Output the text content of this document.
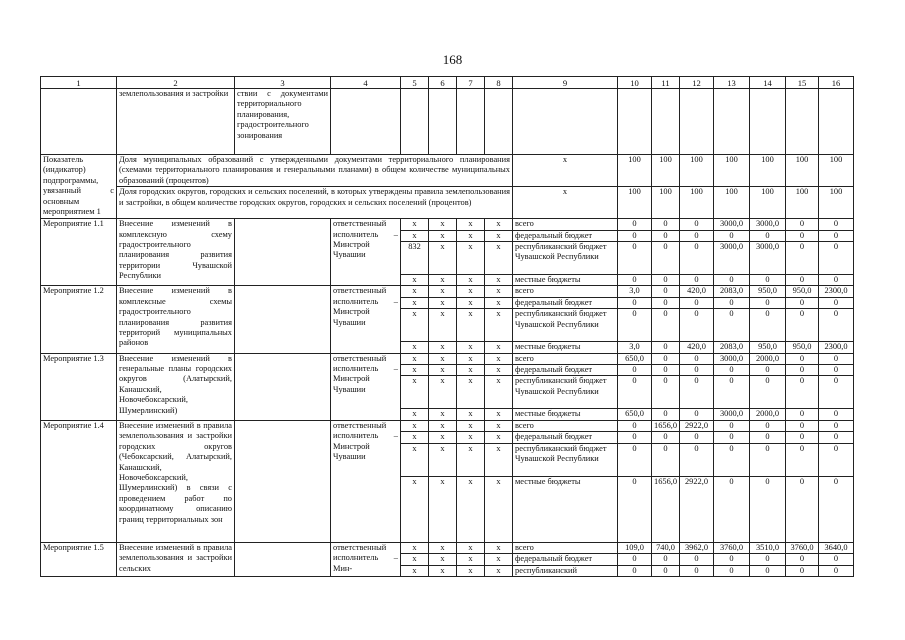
168
1	2	3	4	5	6	7	8	9	10	11	12	13	14	15	16
	землепользования и застройки	ствии с документами территориального планирования, градостроительного зонирования													
Показатель (индикатор) подпрограммы, увязанный с основным мероприятием 1	Доля муниципальных образований с утвержденными документами территориального планирования (схемами территориального планирования и генеральными планами) в общем количестве муниципальных образований (процентов)							х	100	100	100	100	100	100	100
	Доля городских округов, городских и сельских поселений, в которых утверждены правила землепользования и застройки, в общем количестве городских округов, городских и сельских поселений (процентов)							х	100	100	100	100	100	100	100
Мероприятие 1.1	Внесение изменений в комплексную схему градостроительного планирования развития территории Чувашской Республики		ответственный исполнитель – Минстрой Чувашии	х	х	х	х	всего	0	0	0	3000,0	3000,0	0	0
				х	х	х	х	федеральный бюджет	0	0	0	0	0	0	0
				832	х	х	х	республиканский бюджет Чувашской Республики	0	0	0	3000,0	3000,0	0	0
				х	х	х	х	местные бюджеты	0	0	0	0	0	0	0
Мероприятие 1.2	Внесение изменений в комплексные схемы градостроительного планирования развития территорий муниципальных районов		ответственный исполнитель – Минстрой Чувашии	х	х	х	х	всего	3,0	0	420,0	2083,0	950,0	950,0	2300,0
				х	х	х	х	федеральный бюджет	0	0	0	0	0	0	0
				х	х	х	х	республиканский бюджет Чувашской Республики	0	0	0	0	0	0	0
				х	х	х	х	местные бюджеты	3,0	0	420,0	2083,0	950,0	950,0	2300,0
Мероприятие 1.3	Внесение изменений в генеральные планы городских округов (Алатырский, Канашский, Новочебоксарский, Шумерлинский)		ответственный исполнитель – Минстрой Чувашии	х	х	х	х	всего	650,0	0	0	3000,0	2000,0	0	0
				х	х	х	х	федеральный бюджет	0	0	0	0	0	0	0
				х	х	х	х	республиканский бюджет Чувашской Республики	0	0	0	0	0	0	0
				х	х	х	х	местные бюджеты	650,0	0	0	3000,0	2000,0	0	0
Мероприятие 1.4	Внесение изменений в правила землепользования и застройки городских округов (Чебоксарский, Алатырский, Канашский, Новочебоксарский, Шумерлинский) в связи с проведением работ по координатному описанию границ территориальных зон		ответственный исполнитель – Минстрой Чувашии	х	х	х	х	всего	0	1656,0	2922,0	0	0	0	0
				х	х	х	х	федеральный бюджет	0	0	0	0	0	0	0
				х	х	х	х	республиканский бюджет Чувашской Республики	0	0	0	0	0	0	0
				х	х	х	х	местные бюджеты	0	1656,0	2922,0	0	0	0	0
Мероприятие 1.5	Внесение изменений в правила землепользования и застройки сельских		ответственный исполнитель – Мин-	х	х	х	х	всего	109,0	740,0	3962,0	3760,0	3510,0	3760,0	3640,0
				х	х	х	х	федеральный бюджет	0	0	0	0	0	0	0
				х	х	х	х	республиканский	0	0	0	0	0	0	0
